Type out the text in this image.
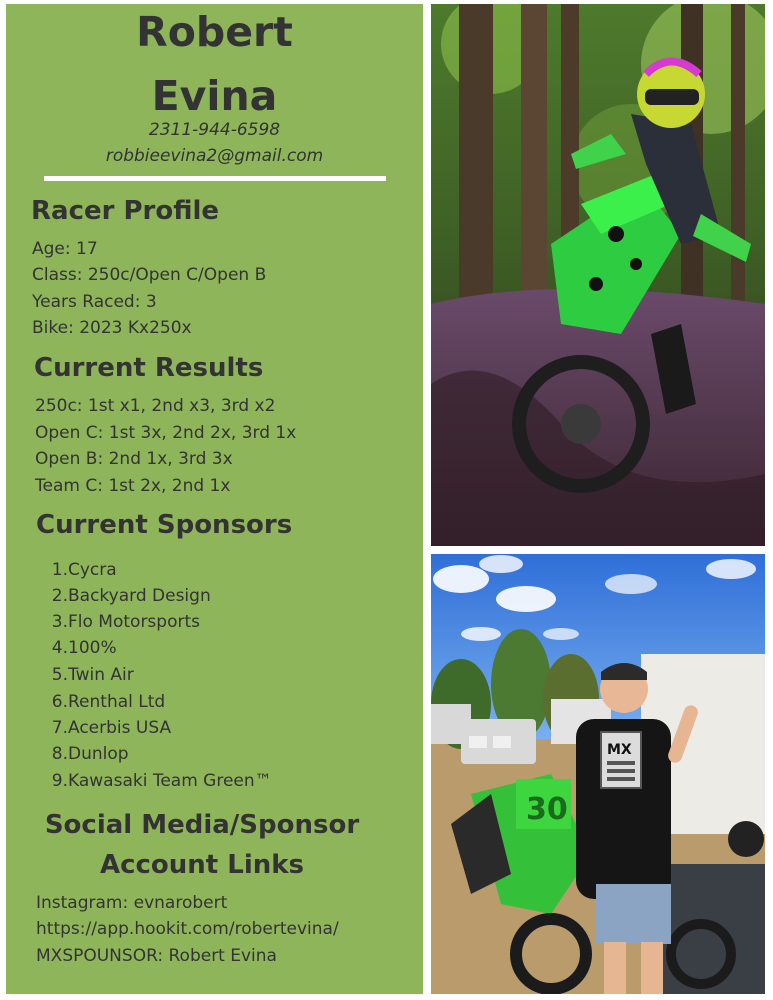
Robert
Evina
2311-944-6598
robbieevina2@gmail.com
Racer Profile
Age: 17
Class: 250c/Open C/Open B
Years Raced: 3
Bike: 2023 Kx250x
Current Results
250c: 1st x1, 2nd x3, 3rd x2
Open C: 1st 3x, 2nd 2x, 3rd 1x
Open B: 2nd 1x, 3rd 3x
Team C: 1st 2x, 2nd 1x
Current Sponsors
1.Cycra
2.Backyard Design
3.Flo Motorsports
4.100%
5.Twin Air
6.Renthal Ltd
7.Acerbis USA
8.Dunlop
9.Kawasaki Team Green™
Social Media/Sponsor
Account Links
Instagram: evnarobert
https://app.hookit.com/robertevina/
MXSPOUNSOR: Robert Evina
30
MX
